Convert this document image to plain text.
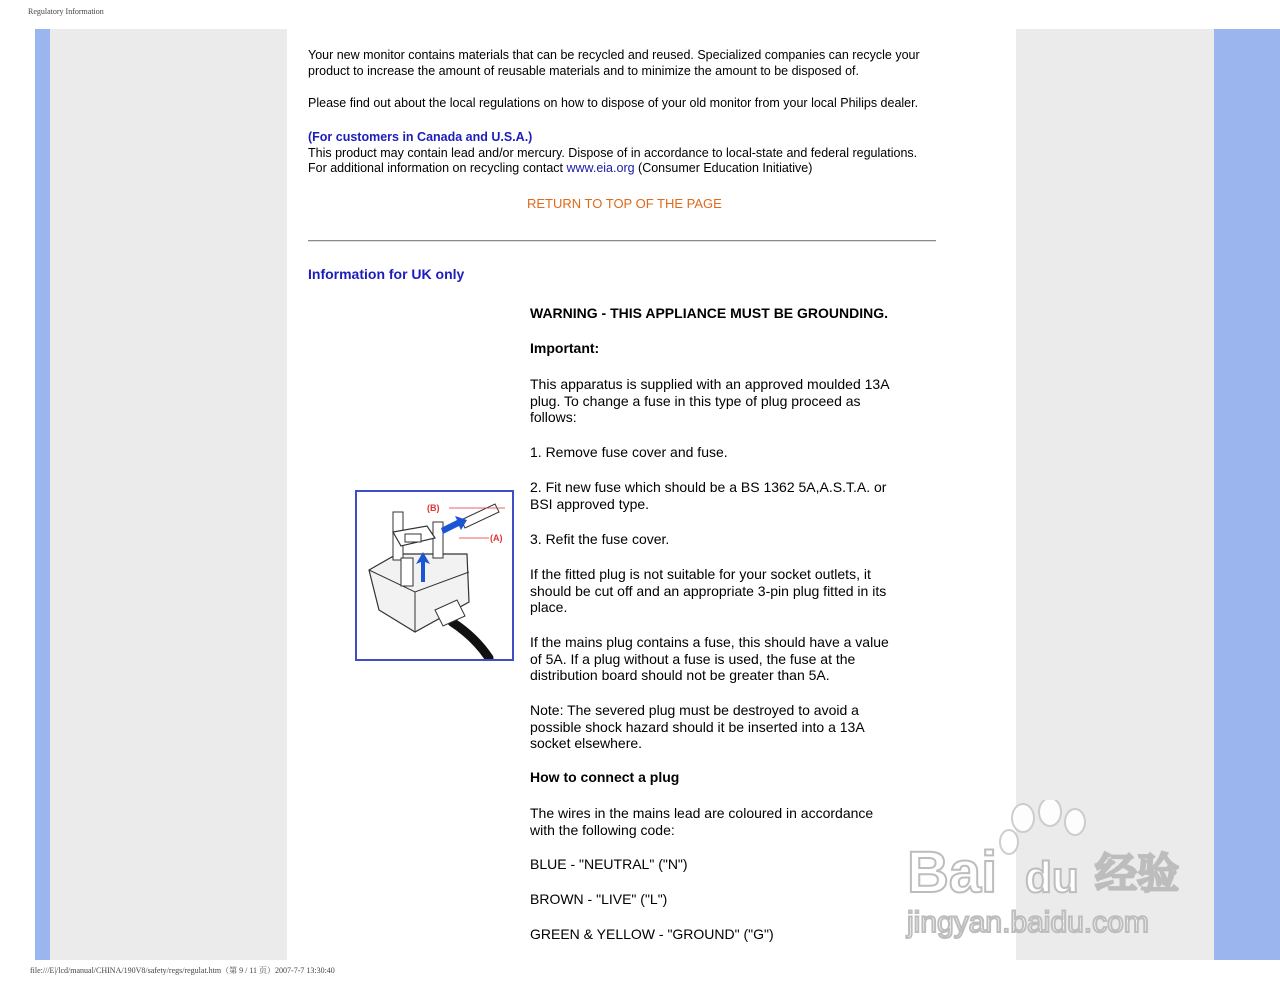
Regulatory Information
Your new monitor contains materials that can be recycled and reused. Specialized companies can recycle your
product to increase the amount of reusable materials and to minimize the amount to be disposed of.
Please find out about the local regulations on how to dispose of your old monitor from your local Philips dealer.
(For customers in Canada and U.S.A.)
This product may contain lead and/or mercury. Dispose of in accordance to local-state and federal regulations.
For additional information on recycling contact www.eia.org (Consumer Education Initiative)
RETURN TO TOP OF THE PAGE
Information for UK only
(B)
(A)
WARNING - THIS APPLIANCE MUST BE GROUNDING.
Important:
This apparatus is supplied with an approved moulded 13A
plug. To change a fuse in this type of plug proceed as
follows:
1. Remove fuse cover and fuse.
2. Fit new fuse which should be a BS 1362 5A,A.S.T.A. or
BSI approved type.
3. Refit the fuse cover.
If the fitted plug is not suitable for your socket outlets, it
should be cut off and an appropriate 3-pin plug fitted in its
place.
If the mains plug contains a fuse, this should have a value
of 5A. If a plug without a fuse is used, the fuse at the
distribution board should not be greater than 5A.
Note: The severed plug must be destroyed to avoid a
possible shock hazard should it be inserted into a 13A
socket elsewhere.
How to connect a plug
The wires in the mains lead are coloured in accordance
with the following code:
BLUE - "NEUTRAL" ("N")
BROWN - "LIVE" ("L")
GREEN & YELLOW - "GROUND" ("G")
Bai du 经验
jingyan.baidu.com
file:///E|/lcd/manual/CHINA/190V8/safety/regs/regulat.htm（第 9 / 11 页）2007-7-7 13:30:40
